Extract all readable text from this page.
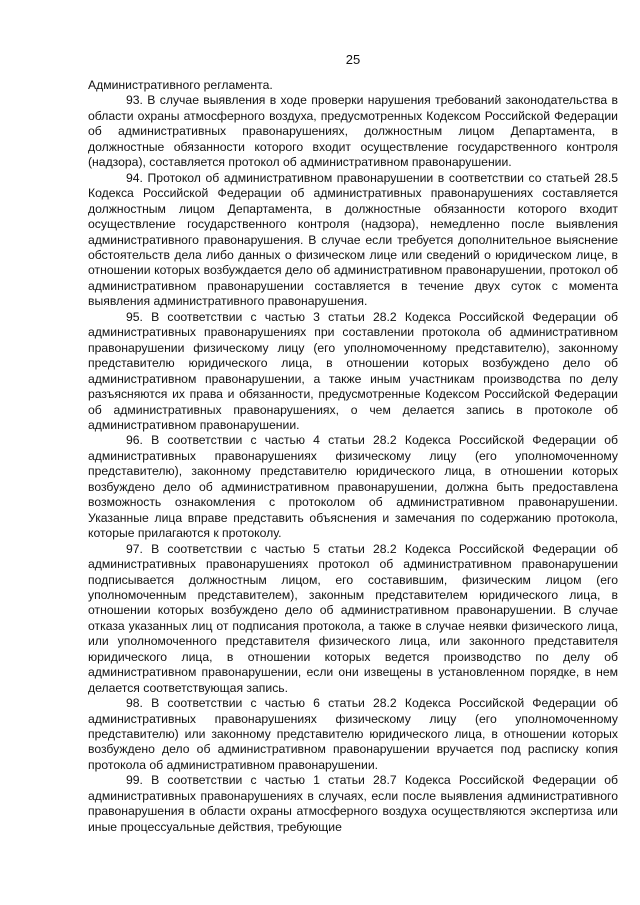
25

Административного регламента.

93. В случае выявления в ходе проверки нарушения требований законодательства в области охраны атмосферного воздуха, предусмотренных Кодексом Российской Федерации об административных правонарушениях, должностным лицом Департамента, в должностные обязанности которого входит осуществление государственного контроля (надзора), составляется протокол об административном правонарушении.

94. Протокол об административном правонарушении в соответствии со статьей 28.5 Кодекса Российской Федерации об административных правонарушениях составляется должностным лицом Департамента, в должностные обязанности которого входит осуществление государственного контроля (надзора), немедленно после выявления административного правонарушения. В случае если требуется дополнительное выяснение обстоятельств дела либо данных о физическом лице или сведений о юридическом лице, в отношении которых возбуждается дело об административном правонарушении, протокол об административном правонарушении составляется в течение двух суток с момента выявления административного правонарушения.

95. В соответствии с частью 3 статьи 28.2 Кодекса Российской Федерации об административных правонарушениях при составлении протокола об административном правонарушении физическому лицу (его уполномоченному представителю), законному представителю юридического лица, в отношении которых возбуждено дело об административном правонарушении, а также иным участникам производства по делу разъясняются их права и обязанности, предусмотренные Кодексом Российской Федерации об административных правонарушениях, о чем делается запись в протоколе об административном правонарушении.

96. В соответствии с частью 4 статьи 28.2 Кодекса Российской Федерации об административных правонарушениях физическому лицу (его уполномоченному представителю), законному представителю юридического лица, в отношении которых возбуждено дело об административном правонарушении, должна быть предоставлена возможность ознакомления с протоколом об административном правонарушении. Указанные лица вправе представить объяснения и замечания по содержанию протокола, которые прилагаются к протоколу.

97. В соответствии с частью 5 статьи 28.2 Кодекса Российской Федерации об административных правонарушениях протокол об административном правонарушении подписывается должностным лицом, его составившим, физическим лицом (его уполномоченным представителем), законным представителем юридического лица, в отношении которых возбуждено дело об административном правонарушении. В случае отказа указанных лиц от подписания протокола, а также в случае неявки физического лица, или уполномоченного представителя физического лица, или законного представителя юридического лица, в отношении которых ведется производство по делу об административном правонарушении, если они извещены в установленном порядке, в нем делается соответствующая запись.

98. В соответствии с частью 6 статьи 28.2 Кодекса Российской Федерации об административных правонарушениях физическому лицу (его уполномоченному представителю) или законному представителю юридического лица, в отношении которых возбуждено дело об административном правонарушении вручается под расписку копия протокола об административном правонарушении.

99. В соответствии с частью 1 статьи 28.7 Кодекса Российской Федерации об административных правонарушениях в случаях, если после выявления административного правонарушения в области охраны атмосферного воздуха осуществляются экспертиза или иные процессуальные действия, требующие
